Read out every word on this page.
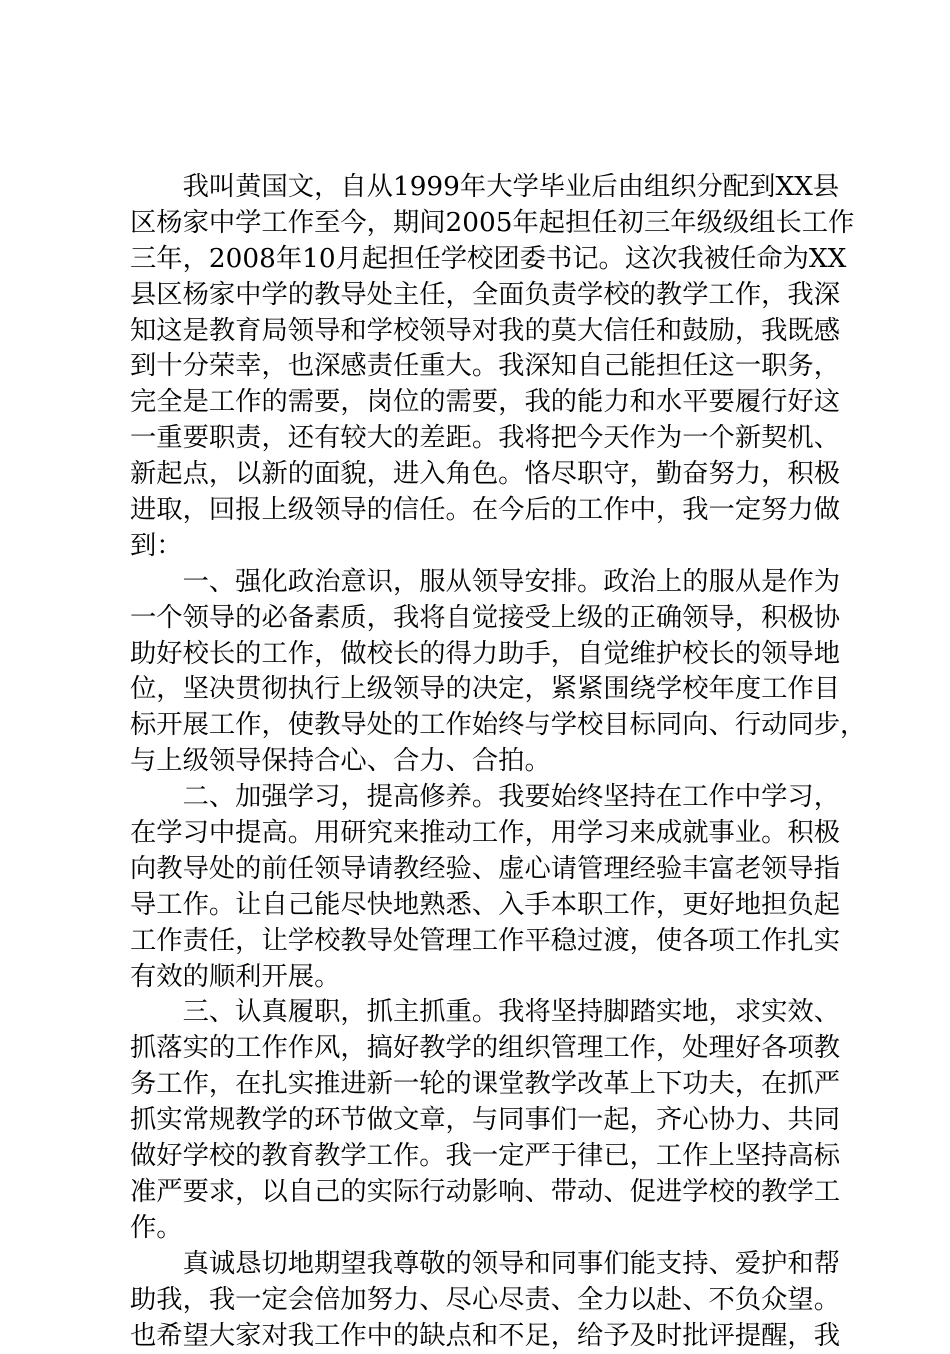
　　我叫黄国文，自从1999年大学毕业后由组织分配到XX县
区杨家中学工作至今，期间2005年起担任初三年级级组长工作
三年，2008年10月起担任学校团委书记。这次我被任命为XX
县区杨家中学的教导处主任，全面负责学校的教学工作，我深
知这是教育局领导和学校领导对我的莫大信任和鼓励，我既感
到十分荣幸，也深感责任重大。我深知自己能担任这一职务，
完全是工作的需要，岗位的需要，我的能力和水平要履行好这
一重要职责，还有较大的差距。我将把今天作为一个新契机、
新起点，以新的面貌，进入角色。恪尽职守，勤奋努力，积极
进取，回报上级领导的信任。在今后的工作中，我一定努力做
到：
　　一、强化政治意识，服从领导安排。政治上的服从是作为
一个领导的必备素质，我将自觉接受上级的正确领导，积极协
助好校长的工作，做校长的得力助手，自觉维护校长的领导地
位，坚决贯彻执行上级领导的决定，紧紧围绕学校年度工作目
标开展工作，使教导处的工作始终与学校目标同向、行动同步，
与上级领导保持合心、合力、合拍。
　　二、加强学习，提高修养。我要始终坚持在工作中学习，
在学习中提高。用研究来推动工作，用学习来成就事业。积极
向教导处的前任领导请教经验、虚心请管理经验丰富老领导指
导工作。让自己能尽快地熟悉、入手本职工作，更好地担负起
工作责任，让学校教导处管理工作平稳过渡，使各项工作扎实
有效的顺利开展。
　　三、认真履职，抓主抓重。我将坚持脚踏实地，求实效、
抓落实的工作作风，搞好教学的组织管理工作，处理好各项教
务工作，在扎实推进新一轮的课堂教学改革上下功夫，在抓严
抓实常规教学的环节做文章，与同事们一起，齐心协力、共同
做好学校的教育教学工作。我一定严于律已，工作上坚持高标
准严要求，以自己的实际行动影响、带动、促进学校的教学工
作。
　　真诚恳切地期望我尊敬的领导和同事们能支持、爱护和帮
助我，我一定会倍加努力、尽心尽责、全力以赴、不负众望。
也希望大家对我工作中的缺点和不足，给予及时批评提醒，我
